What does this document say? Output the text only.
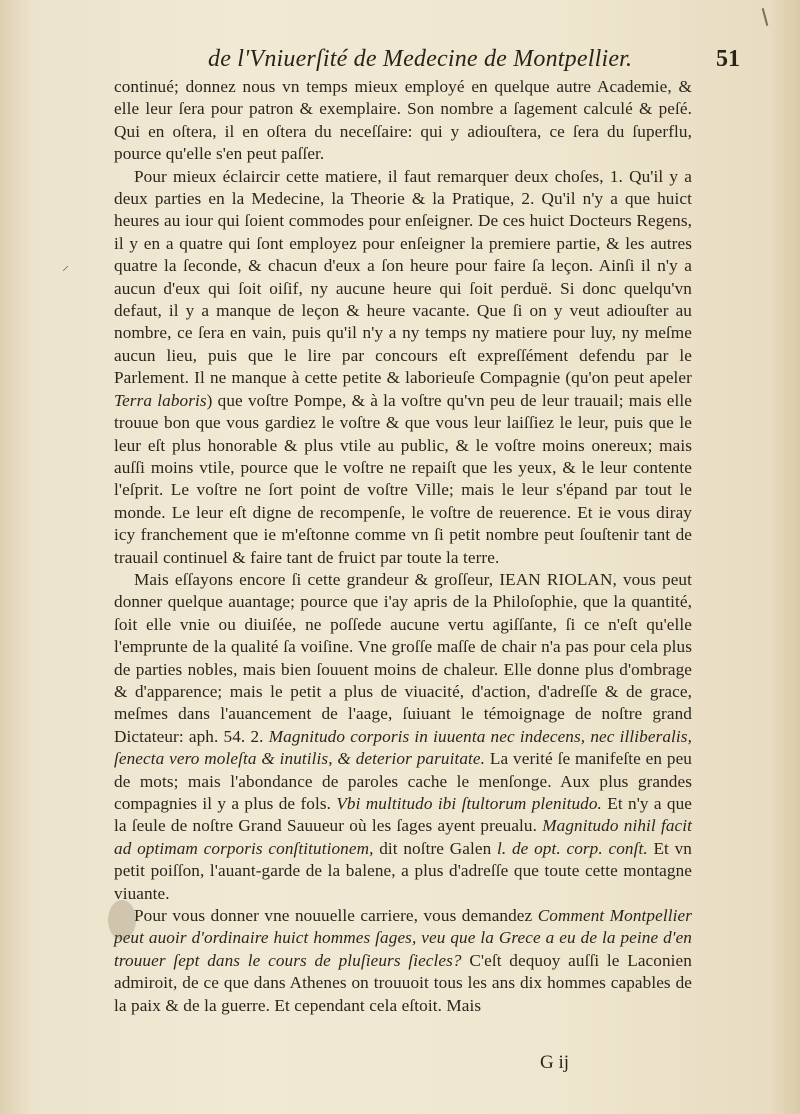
de l'Vniuerſité de Medecine de Montpellier.	51
⸝

continué; donnez nous vn temps mieux employé en quelque autre Academie, & elle leur ſera pour patron & exemplaire. Son nombre a ſagement calculé & peſé. Qui en oſtera, il en oſtera du neceſſaire: qui y adiouſtera, ce ſera du ſuperflu, pource qu'elle s'en peut paſſer.

Pour mieux éclaircir cette matiere, il faut remarquer deux choſes, 1. Qu'il y a deux parties en la Medecine, la Theorie & la Pratique, 2. Qu'il n'y a que huict heures au iour qui ſoient commodes pour enſeigner. De ces huict Docteurs Regens, il y en a quatre qui ſont employez pour enſeigner la premiere partie, & les autres quatre la ſeconde, & chacun d'eux a ſon heure pour faire ſa leçon. Ainſi il n'y a aucun d'eux qui ſoit oiſif, ny aucune heure qui ſoit perduë. Si donc quelqu'vn defaut, il y a manque de leçon & heure vacante. Que ſi on y veut adiouſter au nombre, ce ſera en vain, puis qu'il n'y a ny temps ny matiere pour luy, ny meſme aucun lieu, puis que le lire par concours eſt expreſſément defendu par le Parlement. Il ne manque à cette petite & laborieuſe Compagnie (qu'on peut apeler Terra laboris) que voſtre Pompe, & à la voſtre qu'vn peu de leur trauail; mais elle trouue bon que vous gardiez le voſtre & que vous leur laiſſiez le leur, puis que le leur eſt plus honorable & plus vtile au public, & le voſtre moins onereux; mais auſſi moins vtile, pource que le voſtre ne repaiſt que les yeux, & le leur contente l'eſprit. Le voſtre ne ſort point de voſtre Ville; mais le leur s'épand par tout le monde. Le leur eſt digne de recompenſe, le voſtre de reuerence. Et ie vous diray icy franchement que ie m'eſtonne comme vn ſi petit nombre peut ſouſtenir tant de trauail continuel & faire tant de fruict par toute la terre.

Mais eſſayons encore ſi cette grandeur & groſſeur, IEAN RIOLAN, vous peut donner quelque auantage; pource que i'ay apris de la Philoſophie, que la quantité, ſoit elle vnie ou diuiſée, ne poſſede aucune vertu agiſſante, ſi ce n'eſt qu'elle l'emprunte de la qualité ſa voiſine. Vne groſſe maſſe de chair n'a pas pour cela plus de parties nobles, mais bien ſouuent moins de chaleur. Elle donne plus d'ombrage & d'apparence; mais le petit a plus de viuacité, d'action, d'adreſſe & de grace, meſmes dans l'auancement de l'aage, ſuiuant le témoignage de noſtre grand Dictateur: aph. 54. 2. Magnitudo corporis in iuuenta nec indecens, nec illiberalis, ſenecta vero moleſta & inutilis, & deterior paruitate. La verité ſe manifeſte en peu de mots; mais l'abondance de paroles cache le menſonge. Aux plus grandes compagnies il y a plus de fols. Vbi multitudo ibi ſtultorum plenitudo. Et n'y a que la ſeule de noſtre Grand Sauueur où les ſages ayent preualu. Magnitudo nihil facit ad optimam corporis conſtitutionem, dit noſtre Galen l. de opt. corp. conſt. Et vn petit poiſſon, l'auant-garde de la balene, a plus d'adreſſe que toute cette montagne viuante.

Pour vous donner vne nouuelle carriere, vous demandez Comment Montpellier peut auoir d'ordinaire huict hommes ſages, veu que la Grece a eu de la peine d'en trouuer ſept dans le cours de pluſieurs ſiecles? C'eſt dequoy auſſi le Laconien admiroit, de ce que dans Athenes on trouuoit tous les ans dix hommes capables de la paix & de la guerre. Et cependant cela eſtoit. Mais

G ij
